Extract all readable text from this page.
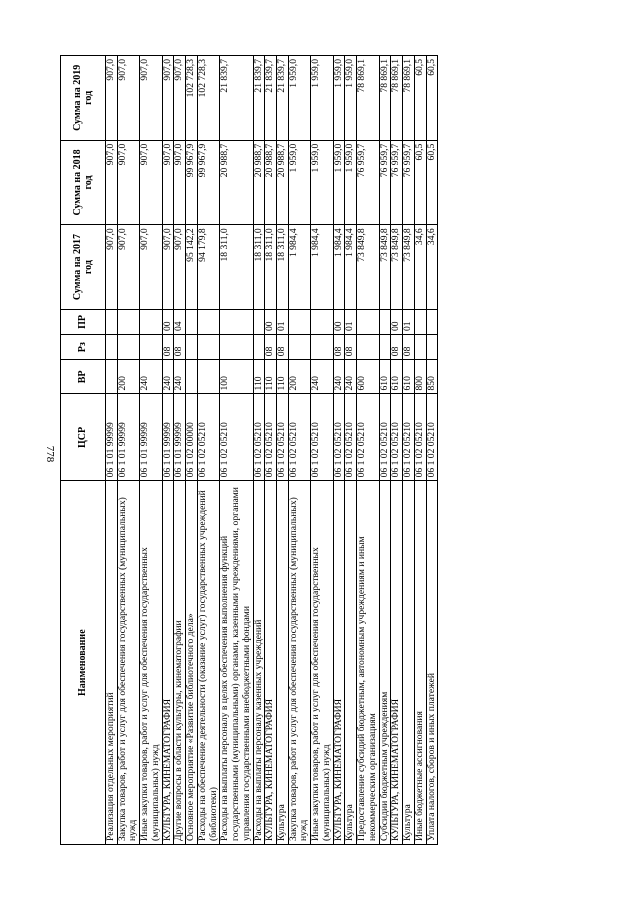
778
Наименование	ЦСР	ВР	Рз	ПР	Сумма на 2017 год	Сумма на 2018 год	Сумма на 2019 год
Реализация отдельных мероприятий	06 1 01 99999				907,0	907,0	907,0
Закупка товаров, работ и услуг для обеспечения государственных (муниципальных) нужд	06 1 01 99999	200			907,0	907,0	907,0
Иные закупки товаров, работ и услуг для обеспечения государственных (муниципальных) нужд	06 1 01 99999	240			907,0	907,0	907,0
КУЛЬТУРА, КИНЕМАТОГРАФИЯ	06 1 01 99999	240	08	00	907,0	907,0	907,0
Другие вопросы в области культуры, кинематографии	06 1 01 99999	240	08	04	907,0	907,0	907,0
Основное мероприятие «Развитие библиотечного дела»	06 1 02 00000				95 142,2	99 967,9	102 728,3
Расходы на обеспечение деятельности (оказание услуг) государственных учреждений (библиотеки)	06 1 02 05210				94 179,8	99 967,9	102 728,3
Расходы на выплаты персоналу в целях обеспечения выполнения функций государственными (муниципальными) органами, казенными учреждениями, органами управления государственными внебюджетными фондами	06 1 02 05210	100			18 311,0	20 988,7	21 839,7
Расходы на выплаты персоналу казенных учреждений	06 1 02 05210	110			18 311,0	20 988,7	21 839,7
КУЛЬТУРА, КИНЕМАТОГРАФИЯ	06 1 02 05210	110	08	00	18 311,0	20 988,7	21 839,7
Культура	06 1 02 05210	110	08	01	18 311,0	20 988,7	21 839,7
Закупка товаров, работ и услуг для обеспечения государственных (муниципальных) нужд	06 1 02 05210	200			1 984,4	1 959,0	1 959,0
Иные закупки товаров, работ и услуг для обеспечения государственных (муниципальных) нужд	06 1 02 05210	240			1 984,4	1 959,0	1 959,0
КУЛЬТУРА, КИНЕМАТОГРАФИЯ	06 1 02 05210	240	08	00	1 984,4	1 959,0	1 959,0
Культура	06 1 02 05210	240	08	01	1 984,4	1 959,0	1 959,0
Предоставление субсидий бюджетным, автономным учреждениям и иным некоммерческим организациям	06 1 02 05210	600			73 849,8	76 959,7	78 869,1
Субсидии бюджетным учреждениям	06 1 02 05210	610			73 849,8	76 959,7	78 869,1
КУЛЬТУРА, КИНЕМАТОГРАФИЯ	06 1 02 05210	610	08	00	73 849,8	76 959,7	78 869,1
Культура	06 1 02 05210	610	08	01	73 849,8	76 959,7	78 869,1
Иные бюджетные ассигнования	06 1 02 05210	800			34,6	60,5	60,5
Уплата налогов, сборов и иных платежей	06 1 02 05210	850			34,6	60,5	60,5
